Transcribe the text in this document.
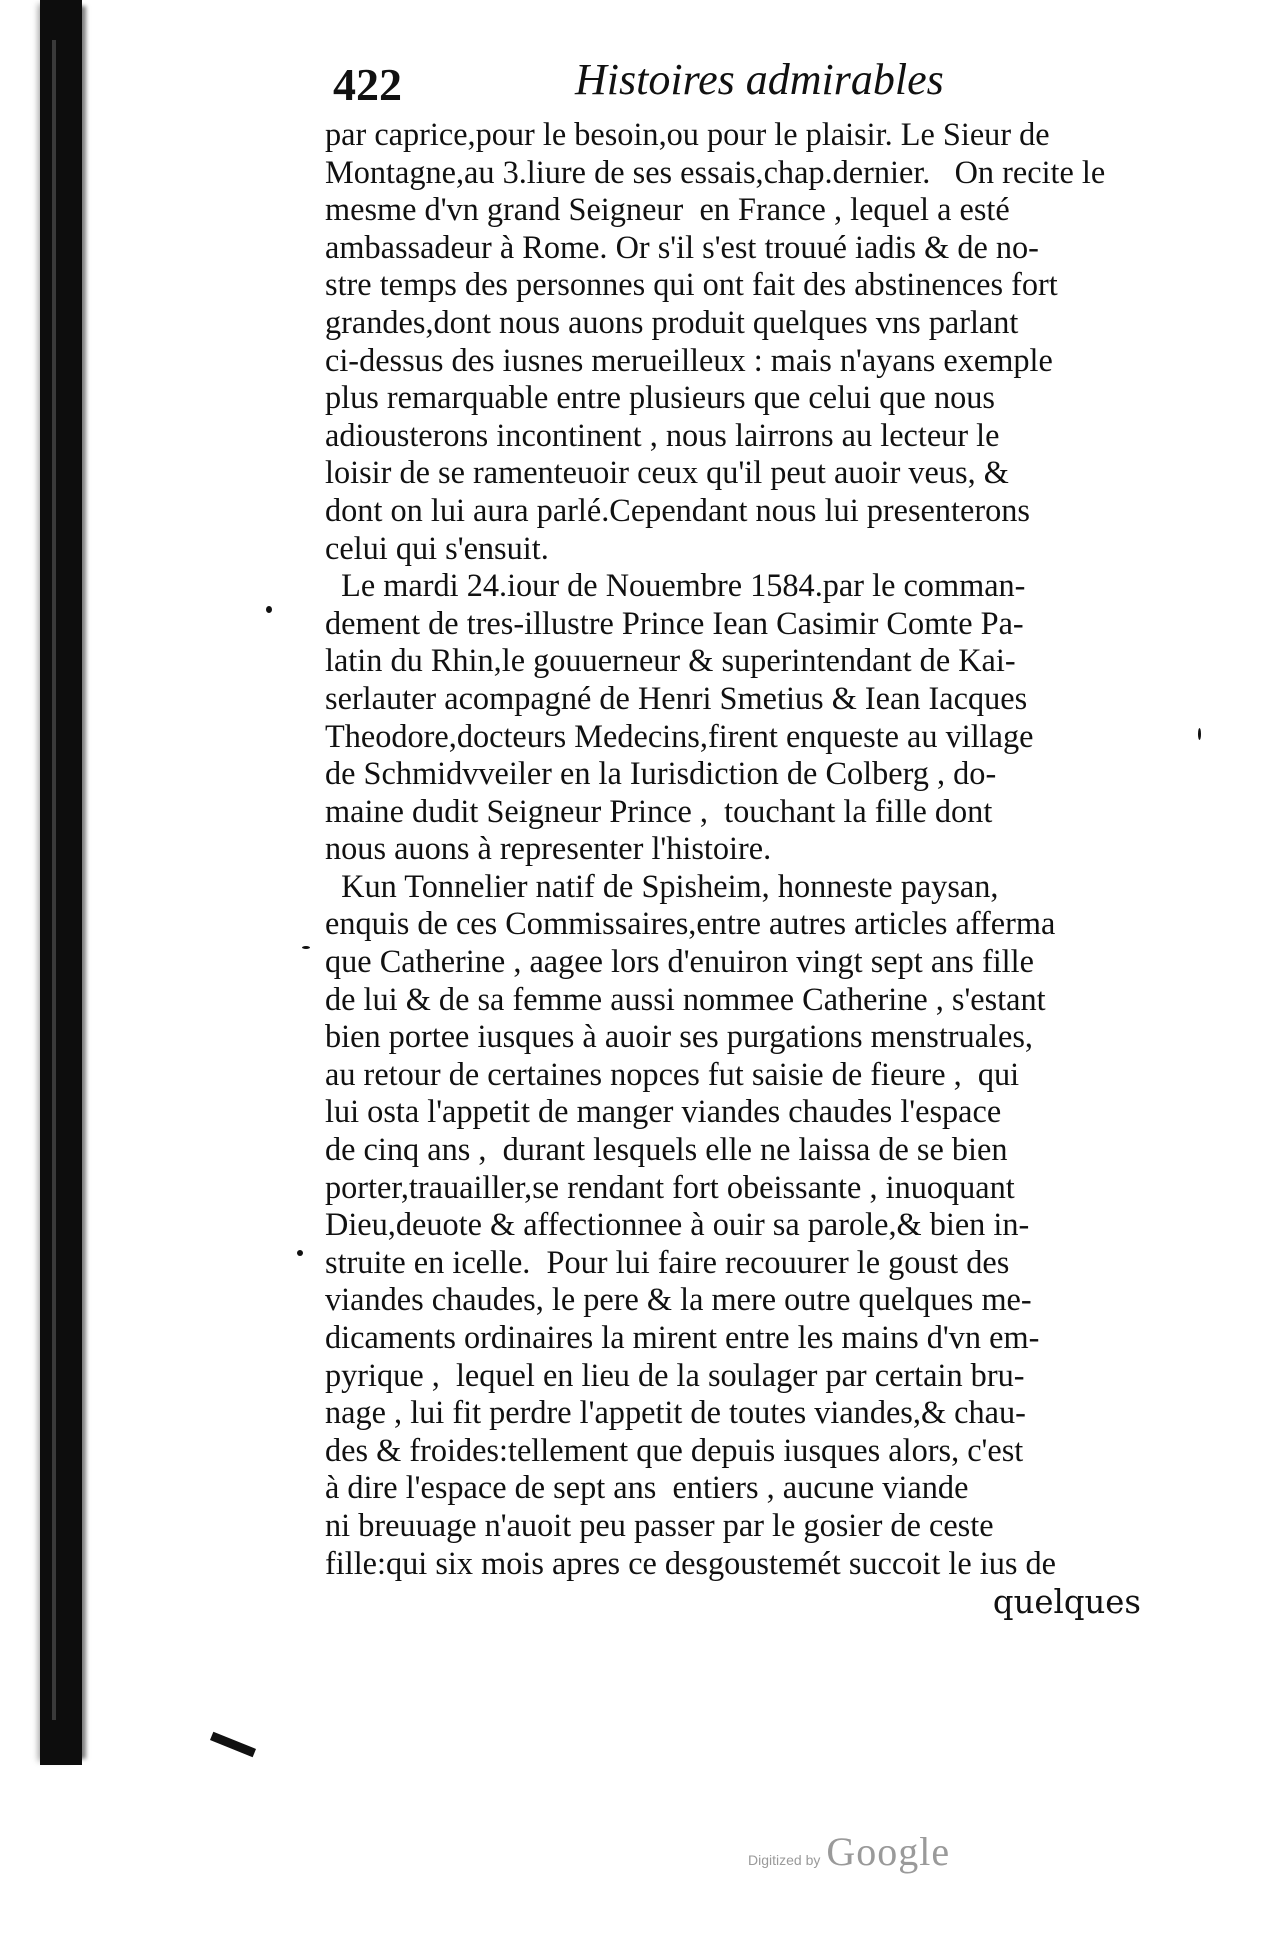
422	Histoires admirables
par caprice,pour le besoin,ou pour le plaisir. Le Sieur de
Montagne,au 3.liure de ses essais,chap.dernier.   On recite le
mesme d'vn grand Seigneur  en France , lequel a esté
ambassadeur à Rome. Or s'il s'est trouué iadis & de no-
stre temps des personnes qui ont fait des abstinences fort
grandes,dont nous auons produit quelques vns parlant
ci-dessus des iusnes merueilleux : mais n'ayans exemple
plus remarquable entre plusieurs que celui que nous
adiousterons incontinent , nous lairrons au lecteur le
loisir de se ramenteuoir ceux qu'il peut auoir veus, &
dont on lui aura parlé.Cependant nous lui presenterons
celui qui s'ensuit.
Le mardi 24.iour de Nouembre 1584.par le comman-
dement de tres-illustre Prince Iean Casimir Comte Pa-
latin du Rhin,le gouuerneur & superintendant de Kai-
serlauter acompagné de Henri Smetius & Iean Iacques
Theodore,docteurs Medecins,firent enqueste au village
de Schmidvveiler en la Iurisdiction de Colberg , do-
maine dudit Seigneur Prince ,  touchant la fille dont
nous auons à representer l'histoire.
Kun Tonnelier natif de Spisheim, honneste paysan,
enquis de ces Commissaires,entre autres articles afferma
que Catherine , aagee lors d'enuiron vingt sept ans fille
de lui & de sa femme aussi nommee Catherine , s'estant
bien portee iusques à auoir ses purgations menstruales,
au retour de certaines nopces fut saisie de fieure ,  qui
lui osta l'appetit de manger viandes chaudes l'espace
de cinq ans ,  durant lesquels elle ne laissa de se bien
porter,trauailler,se rendant fort obeissante , inuoquant
Dieu,deuote & affectionnee à ouir sa parole,& bien in-
struite en icelle.  Pour lui faire recouurer le goust des
viandes chaudes, le pere & la mere outre quelques me-
dicaments ordinaires la mirent entre les mains d'vn em-
pyrique ,  lequel en lieu de la soulager par certain bru-
nage , lui fit perdre l'appetit de toutes viandes,& chau-
des & froides:tellement que depuis iusques alors, c'est
à dire l'espace de sept ans  entiers , aucune viande
ni breuuage n'auoit peu passer par le gosier de ceste
fille:qui six mois apres ce desgoustemét succoit le ius de
quelques
Digitized by Google
